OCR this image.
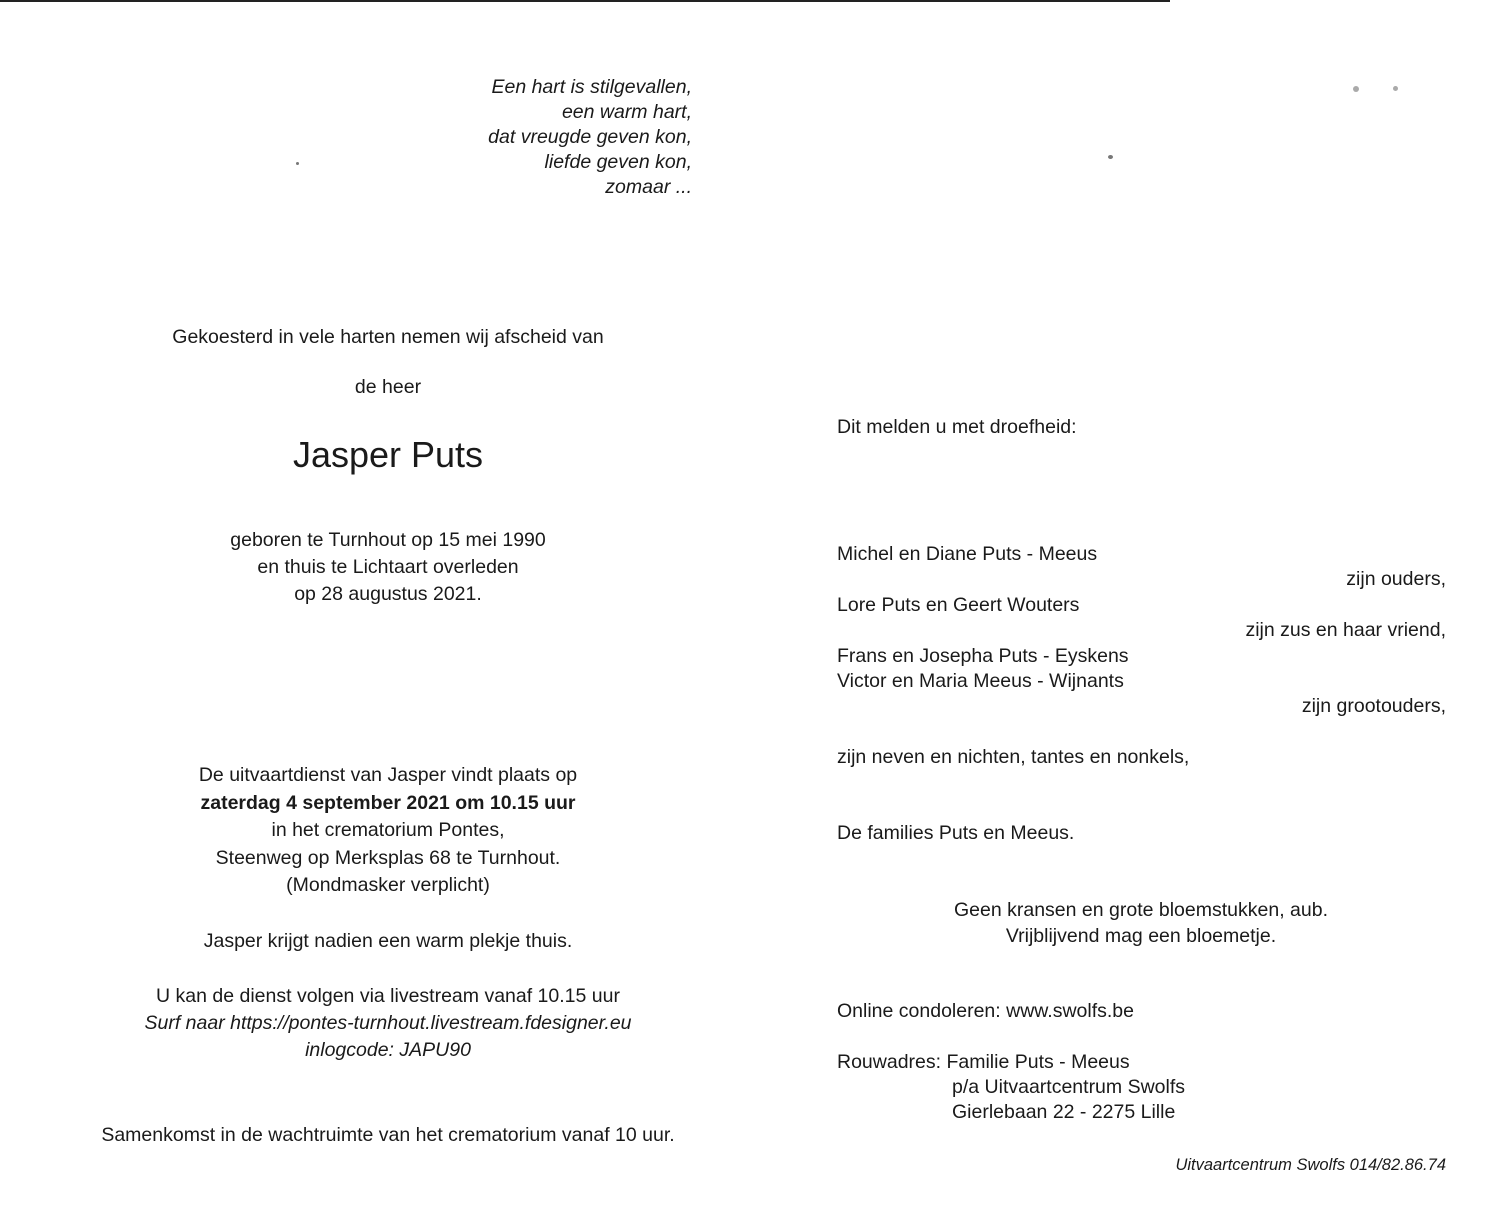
Een hart is stilgevallen,
een warm hart,
dat vreugde geven kon,
liefde geven kon,
zomaar ...
Gekoesterd in vele harten nemen wij afscheid van
de heer
Jasper Puts
geboren te Turnhout op 15 mei 1990
en thuis te Lichtaart overleden
op 28 augustus 2021.
De uitvaartdienst van Jasper vindt plaats op
zaterdag 4 september 2021 om 10.15 uur
in het crematorium Pontes,
Steenweg op Merksplas 68 te Turnhout.
(Mondmasker verplicht)
Jasper krijgt nadien een warm plekje thuis.
U kan de dienst volgen via livestream vanaf 10.15 uur
Surf naar https://pontes-turnhout.livestream.fdesigner.eu
inlogcode: JAPU90
Samenkomst in de wachtruimte van het crematorium vanaf 10 uur.
Dit melden u met droefheid:
Michel en Diane Puts - Meeus
zijn ouders,
Lore Puts en Geert Wouters
zijn zus en haar vriend,
Frans en Josepha Puts - Eyskens
Victor en Maria Meeus - Wijnants
zijn grootouders,
zijn neven en nichten, tantes en nonkels,
De families Puts en Meeus.
Geen kransen en grote bloemstukken, aub.
Vrijblijvend mag een bloemetje.
Online condoleren: www.swolfs.be
Rouwadres: Familie Puts - Meeus
p/a Uitvaartcentrum Swolfs
Gierlebaan 22 - 2275 Lille
Uitvaartcentrum Swolfs 014/82.86.74
